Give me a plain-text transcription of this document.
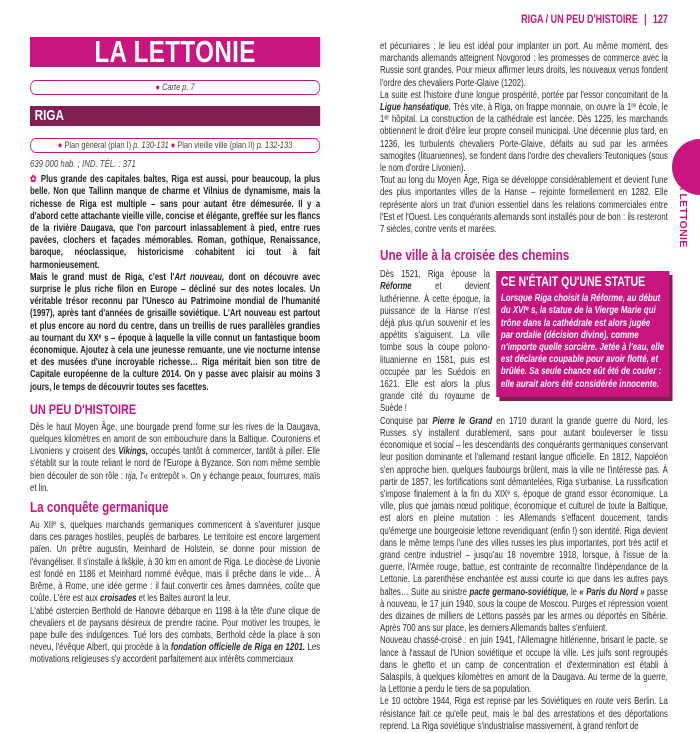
LA LETTONIE
LA LETTONIE
● Carte p. 7
RIGA
● Plan général (plan I) p. 130-131 ● Plan vieille ville (plan II) p. 132-133
639 000 hab. ; IND. TÉL. : 371

✿ Plus grande des capitales baltes, Riga est aussi, pour beaucoup, la plus belle. Non que Tallinn manque de charme et Vilnius de dynamisme, mais la richesse de Riga est multiple – sans pour autant être démesurée. Il y a d'abord cette attachante vieille ville, concise et élégante, greffée sur les flancs de la rivière Daugava, que l'on parcourt inlassablement à pied, entre rues pavées, clochers et façades mémorables. Roman, gothique, Renaissance, baroque, néoclassique, historicisme cohabitent ici tout à fait harmonieusement.

Mais le grand must de Riga, c'est l'Art nouveau, dont on découvre avec surprise le plus riche filon en Europe – décliné sur des notes locales. Un véritable trésor reconnu par l'Unesco au Patrimoine mondial de l'humanité (1997), après tant d'années de grisaille soviétique. L'Art nouveau est partout et plus encore au nord du centre, dans un treillis de rues parallèles grandies au tournant du XXᵉ s – époque à laquelle la ville connut un fantastique boom économique. Ajoutez à cela une jeunesse remuante, une vie nocturne intense et des musées d'une incroyable richesse… Riga méritait bien son titre de Capitale européenne de la culture 2014. On y passe avec plaisir au moins 3 jours, le temps de découvrir toutes ses facettes.

UN PEU D'HISTOIRE

Dès le haut Moyen Âge, une bourgade prend forme sur les rives de la Daugava, quelques kilomètres en amont de son embouchure dans la Baltique. Couroniens et Livoniens y croisent des Vikings, occupés tantôt à commercer, tantôt à piller. Elle s'établit sur la route reliant le nord de l'Europe à Byzance. Son nom même semble bien découler de son rôle : rija, l'« entrepôt ». On y échange peaux, fourrures, maïs et lin.

La conquête germanique

Au XIIᵉ s, quelques marchands germaniques commencent à s'aventurer jusque dans ces parages hostiles, peuplés de barbares. Le territoire est encore largement païen. Un prêtre augustin, Meinhard de Holstein, se donne pour mission de l'évangéliser. Il s'installe à Ikšķile, à 30 km en amont de Riga. Le diocèse de Livonie est fondé en 1186 et Meinhard nommé évêque, mais il prêche dans le vide… À Brême, à Rome, une idée germe : il faut convertir ces âmes damnées, coûte que coûte. L'ère est aux croisades et les Baltes auront la leur.

L'abbé cistercien Berthold de Hanovre débarque en 1198 à la tête d'une clique de chevaliers et de paysans désireux de prendre racine. Pour motiver les troupes, le pape bulle des indulgences. Tué lors des combats, Berthold cède la place à son neveu, l'évêque Albert, qui procède à la fondation officielle de Riga en 1201. Les motivations religieuses s'y accordent parfaitement aux intérêts commerciaux

RIGA / UN PEU D'HISTOIRE | 127

et pécuniaires : le lieu est idéal pour implanter un port. Au même moment, des marchands allemands atteignent Novgorod : les promesses de commerce avec la Russie sont grandes. Pour mieux affirmer leurs droits, les nouveaux venus fondent l'ordre des chevaliers Porte-Glaive (1202).

La suite est l'histoire d'une longue prospérité, portée par l'essor concomitant de la Ligue hanséatique. Très vite, à Riga, on frappe monnaie, on ouvre la 1ʳᵉ école, le 1ᵉʳ hôpital. La construction de la cathédrale est lancée. Dès 1225, les marchands obtiennent le droit d'élire leur propre conseil municipal. Une décennie plus tard, en 1236, les turbulents chevaliers Porte-Glaive, défaits au sud par les armées samogites (lituaniennes), se fondent dans l'ordre des chevaliers Teutoniques (sous le nom d'ordre Livonien).

Tout au long du Moyen Âge, Riga se développe considérablement et devient l'une des plus importantes villes de la Hanse – rejointe formellement en 1282. Elle représente alors un trait d'union essentiel dans les relations commerciales entre l'Est et l'Ouest. Les conquérants allemands sont installés pour de bon : ils resteront 7 siècles, contre vents et marées.

Une ville à la croisée des chemins
CE N'ÉTAIT QU'UNE STATUE

Lorsque Riga choisit la Réforme, au début du XVIᵉ s, la statue de la Vierge Marie qui trône dans la cathédrale est alors jugée par ordalie (décision divine), comme n'importe quelle sorcière. Jetée à l'eau, elle est déclarée coupable pour avoir flotté, et brûlée. Sa seule chance eût été de couler : elle aurait alors été considérée innocente.

Dès 1521, Riga épouse la Réforme et devient luthérienne. À cette époque, la puissance de la Hanse n'est déjà plus qu'un souvenir et les appétits s'aiguisent. La ville tombe sous la coupe polono-lituanienne en 1581, puis est occupée par les Suédois en 1621. Elle est alors la plus grande cité du royaume de Suède !

Conquise par Pierre le Grand en 1710 durant la grande guerre du Nord, les Russes s'y installent durablement, sans pour autant bouleverser le tissu économique et social – les descendants des conquérants germaniques conservant leur position dominante et l'allemand restant langue officielle. En 1812, Napoléon s'en approche bien, quelques faubourgs brûlent, mais la ville ne l'intéresse pas. À partir de 1857, les fortifications sont démantelées, Riga s'urbanise. La russification s'impose finalement à la fin du XIXᵉ s, époque de grand essor économique. La ville, plus que jamais nœud politique, économique et culturel de toute la Baltique, est alors en pleine mutation : les Allemands s'effacent doucement, tandis qu'émerge une bourgeoisie lettone revendiquant (enfin !) son identité. Riga devient dans le même temps l'une des villes russes les plus importantes, port très actif et grand centre industriel – jusqu'au 18 novembre 1918, lorsque, à l'issue de la guerre, l'Armée rouge, battue, est contrainte de reconnaître l'indépendance de la Lettonie. La parenthèse enchantée est aussi courte ici que dans les autres pays baltes… Suite au sinistre pacte germano-soviétique, le « Paris du Nord » passe à nouveau, le 17 juin 1940, sous la coupe de Moscou. Purges et répression voient des dizaines de milliers de Lettons passés par les armes ou déportés en Sibérie. Après 700 ans sur place, les derniers Allemands baltes s'enfuient.

Nouveau chassé-croisé : en juin 1941, l'Allemagne hitlérienne, brisant le pacte, se lance à l'assaut de l'Union soviétique et occupe la ville. Les juifs sont regroupés dans le ghetto et un camp de concentration et d'extermination est établi à Salaspils, à quelques kilomètres en amont de la Daugava. Au terme de la guerre, la Lettonie a perdu le tiers de sa population.

Le 10 octobre 1944, Riga est reprise par les Soviétiques en route vers Berlin. La résistance fait ce qu'elle peut, mais le bal des arrestations et des déportations reprend. La Riga soviétique s'industrialise massivement, à grand renfort de
